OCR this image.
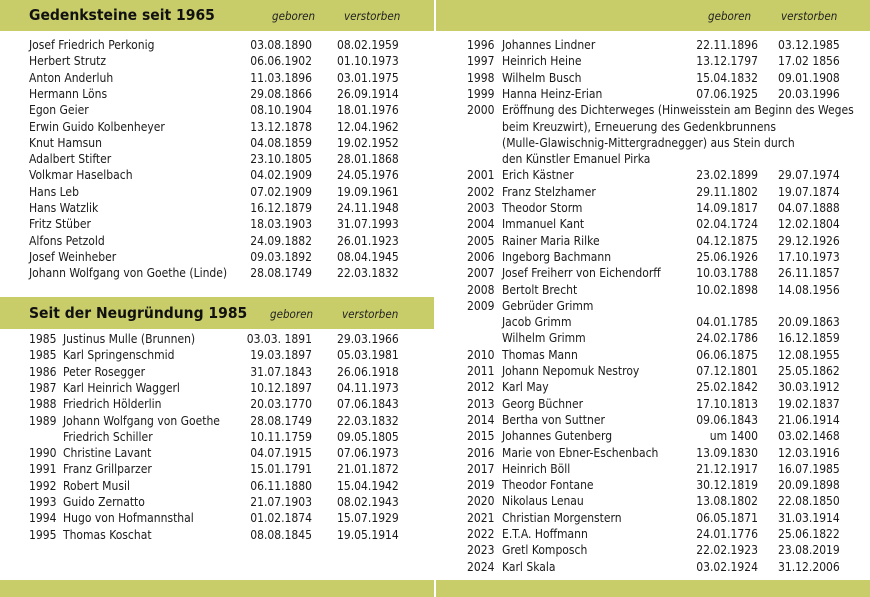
Gedenksteine seit 1965	geboren	verstorben
Josef Friedrich Perkonig	03.08.1890 08.02.1959
Herbert Strutz	06.06.1902 01.10.1973
Anton Anderluh	11.03.1896 03.01.1975
Hermann Löns	29.08.1866 26.09.1914
Egon Geier	08.10.1904 18.01.1976
Erwin Guido Kolbenheyer	13.12.1878 12.04.1962
Knut Hamsun	04.08.1859 19.02.1952
Adalbert Stifter	23.10.1805 28.01.1868
Volkmar Haselbach	04.02.1909 24.05.1976
Hans Leb	07.02.1909 19.09.1961
Hans Watzlik	16.12.1879 24.11.1948
Fritz Stüber	18.03.1903 31.07.1993
Alfons Petzold	24.09.1882 26.01.1923
Josef Weinheber	09.03.1892 08.04.1945
Johann Wolfgang von Goethe (Linde) 28.08.1749 22.03.1832
Seit der Neugründung 1985 geboren	verstorben
1985 Justinus Mulle (Brunnen)	03.03. 1891 29.03.1966
1985 Karl Springenschmid	19.03.1897 05.03.1981
1986 Peter Rosegger	31.07.1843 26.06.1918
1987 Karl Heinrich Waggerl	10.12.1897 04.11.1973
1988 Friedrich Hölderlin	20.03.1770 07.06.1843
1989 Johann Wolfgang von Goethe	28.08.1749 22.03.1832
Friedrich Schiller	10.11.1759 09.05.1805
1990 Christine Lavant	04.07.1915 07.06.1973
1991 Franz Grillparzer	15.01.1791 21.01.1872
1992 Robert Musil	06.11.1880 15.04.1942
1993 Guido Zernatto	21.07.1903 08.02.1943
1994 Hugo von Hofmannsthal	01.02.1874 15.07.1929
1995 Thomas Koschat	08.08.1845 19.05.1914
geboren	verstorben
1996 Johannes Lindner	22.11.1896 03.12.1985
1997 Heinrich Heine	13.12.1797 17.02 1856
1998 Wilhelm Busch	15.04.1832 09.01.1908
1999 Hanna Heinz-Erian	07.06.1925 20.03.1996
2000 Eröffnung des Dichterweges (Hinweisstein am Beginn des Weges
beim Kreuzwirt), Erneuerung des Gedenkbrunnens
(Mulle-Glawischnig-Mittergradnegger) aus Stein durch
den Künstler Emanuel Pirka
2001 Erich Kästner	23.02.1899 29.07.1974
2002 Franz Stelzhamer	29.11.1802 19.07.1874
2003 Theodor Storm	14.09.1817 04.07.1888
2004 Immanuel Kant	02.04.1724 12.02.1804
2005 Rainer Maria Rilke	04.12.1875 29.12.1926
2006 Ingeborg Bachmann	25.06.1926 17.10.1973
2007 Josef Freiherr von Eichendorff	10.03.1788 26.11.1857
2008 Bertolt Brecht	10.02.1898 14.08.1956
2009 Gebrüder Grimm
Jacob Grimm	04.01.1785 20.09.1863
Wilhelm Grimm	24.02.1786 16.12.1859
2010 Thomas Mann	06.06.1875 12.08.1955
2011 Johann Nepomuk Nestroy	07.12.1801 25.05.1862
2012 Karl May	25.02.1842 30.03.1912
2013 Georg Büchner	17.10.1813 19.02.1837
2014 Bertha von Suttner	09.06.1843 21.06.1914
2015 Johannes Gutenberg	um 1400 03.02.1468
2016 Marie von Ebner-Eschenbach	13.09.1830 12.03.1916
2017 Heinrich Böll	21.12.1917 16.07.1985
2019 Theodor Fontane	30.12.1819 20.09.1898
2020 Nikolaus Lenau	13.08.1802 22.08.1850
2021 Christian Morgenstern	06.05.1871 31.03.1914
2022 E.T.A. Hoffmann	24.01.1776 25.06.1822
2023 Gretl Komposch	22.02.1923 23.08.2019
2024 Karl Skala	03.02.1924 31.12.2006
